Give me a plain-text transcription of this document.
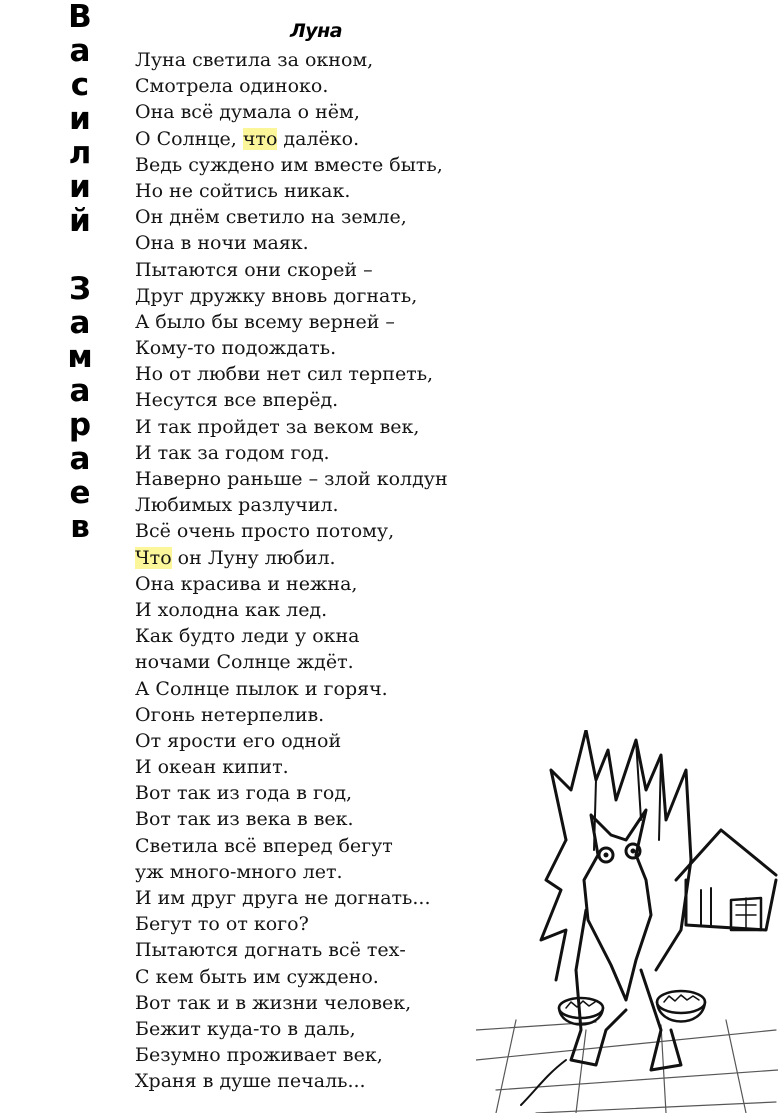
В
а
с
и
л
и
й
З
а
м
а
р
а
е
в
Луна
Луна светила за окном,
Смотрела одиноко.
Она всё думала о нём,
О Солнце, что далёко.
Ведь суждено им вместе быть,
Но не сойтись никак.
Он днём светило на земле,
Она в ночи маяк.
Пытаются они скорей –
Друг дружку вновь догнать,
А было бы всему верней –
Кому-то подождать.
Но от любви нет сил терпеть,
Несутся все вперёд.
И так пройдет за веком век,
И так за годом год.
Наверно раньше – злой колдун
Любимых разлучил.
Всё очень просто потому,
Что он Луну любил.
Она красива и нежна,
И холодна как лед.
Как будто леди у окна
ночами Солнце ждёт.
А Солнце пылок и горяч.
Огонь нетерпелив.
От ярости его одной
И океан кипит.
Вот так из года в год,
Вот так из века в век.
Светила всё вперед бегут
уж много-много лет.
И им друг друга не догнать...
Бегут то от кого?
Пытаются догнать всё тех-
С кем быть им суждено.
Вот так и в жизни человек,
Бежит куда-то в даль,
Безумно проживает век,
Храня в душе печаль...
